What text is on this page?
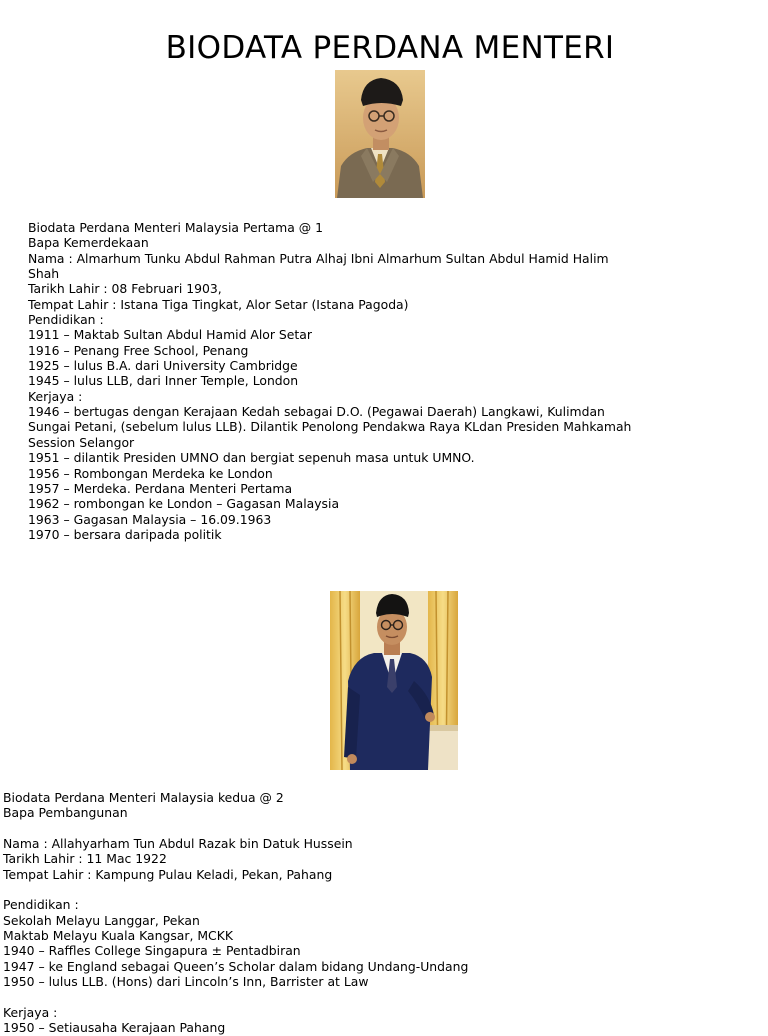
BIODATA PERDANA MENTERI
Biodata Perdana Menteri Malaysia Pertama @ 1
Bapa Kemerdekaan
Nama : Almarhum Tunku Abdul Rahman Putra Alhaj Ibni Almarhum Sultan Abdul Hamid Halim
Shah
Tarikh Lahir : 08 Februari 1903,
Tempat Lahir : Istana Tiga Tingkat, Alor Setar (Istana Pagoda)
Pendidikan :
1911 – Maktab Sultan Abdul Hamid Alor Setar
1916 – Penang Free School, Penang
1925 – lulus B.A. dari University Cambridge
1945 – lulus LLB, dari Inner Temple, London
Kerjaya :
1946 – bertugas dengan Kerajaan Kedah sebagai D.O. (Pegawai Daerah) Langkawi, Kulimdan
Sungai Petani, (sebelum lulus LLB). Dilantik Penolong Pendakwa Raya KLdan Presiden Mahkamah
Session Selangor
1951 – dilantik Presiden UMNO dan bergiat sepenuh masa untuk UMNO.
1956 – Rombongan Merdeka ke London
1957 – Merdeka. Perdana Menteri Pertama
1962 – rombongan ke London – Gagasan Malaysia
1963 – Gagasan Malaysia – 16.09.1963
1970 – bersara daripada politik
Biodata Perdana Menteri Malaysia kedua @ 2
Bapa Pembangunan
Nama : Allahyarham Tun Abdul Razak bin Datuk Hussein
Tarikh Lahir : 11 Mac 1922
Tempat Lahir : Kampung Pulau Keladi, Pekan, Pahang
Pendidikan :
Sekolah Melayu Langgar, Pekan
Maktab Melayu Kuala Kangsar, MCKK
1940 – Raffles College Singapura ± Pentadbiran
1947 – ke England sebagai Queen’s Scholar dalam bidang Undang-Undang
1950 – lulus LLB. (Hons) dari Lincoln’s Inn, Barrister at Law
Kerjaya :
1950 – Setiausaha Kerajaan Pahang
